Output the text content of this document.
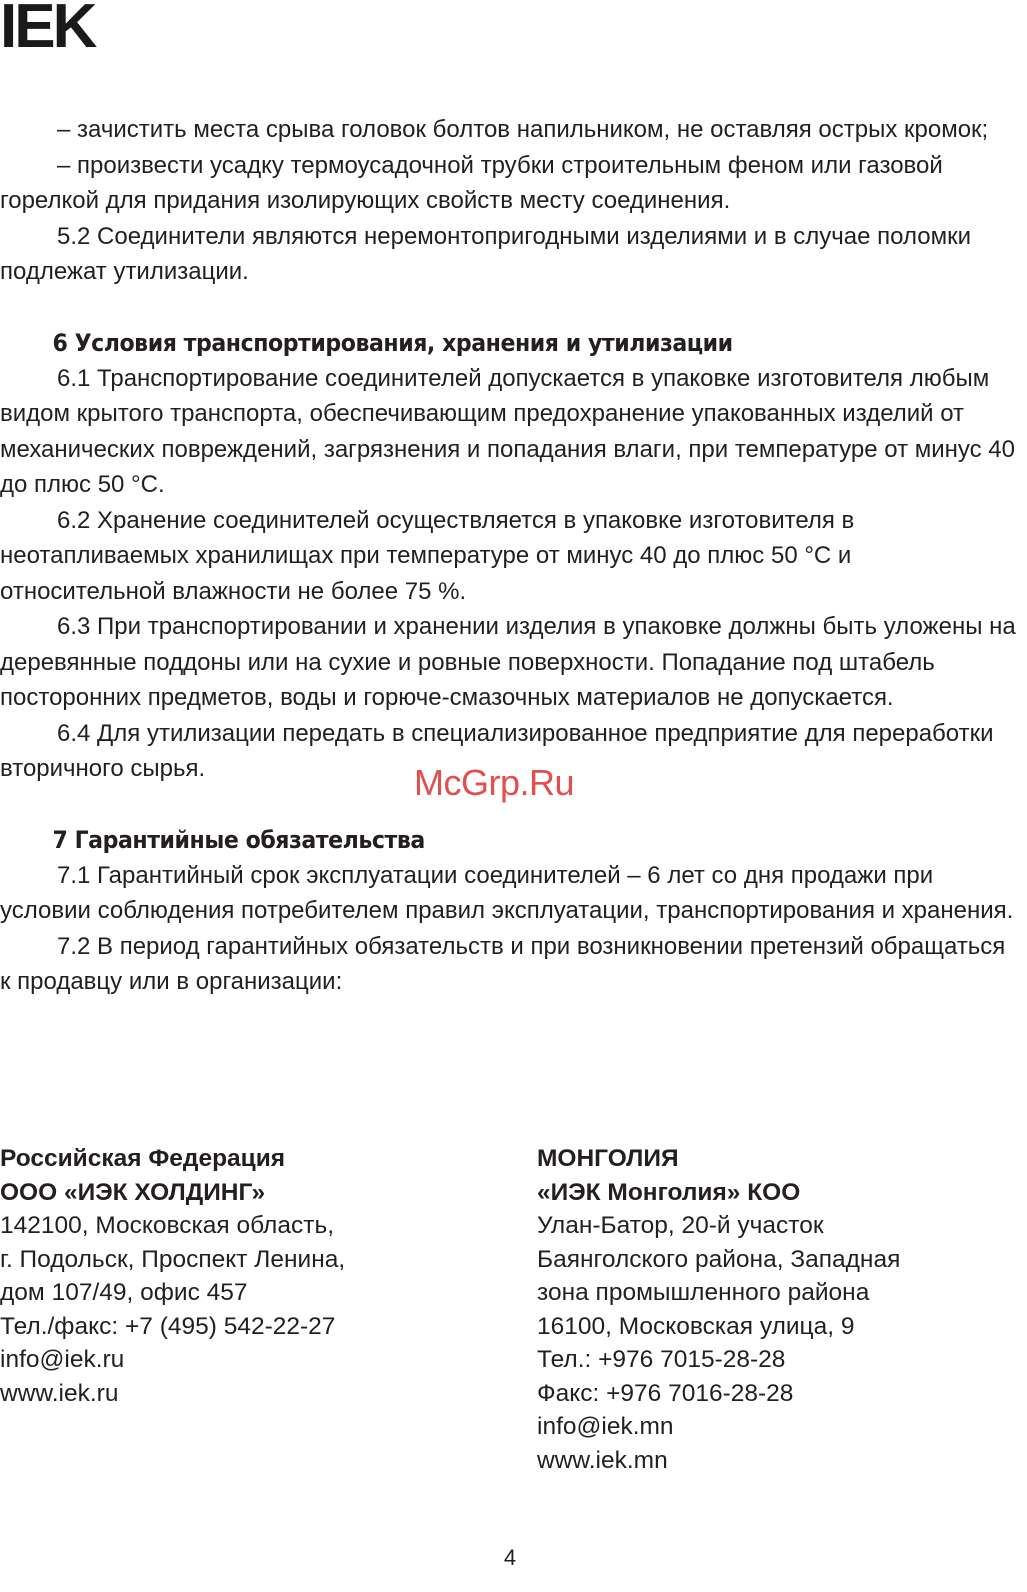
IEK

– зачистить места срыва головок болтов напильником, не оставляя острых кромок;

– произвести усадку термоусадочной трубки строительным феном или газовой горелкой для придания изолирующих свойств месту соединения.

5.2 Соединители являются неремонтопригодными изделиями и в случае поломки подлежат утилизации.

6 Условия транспортирования, хранения и утилизации

6.1 Транспортирование соединителей допускается в упаковке изготовителя любым видом крытого транспорта, обеспечивающим предохранение упакованных изделий от механических повреждений, загрязнения и попадания влаги, при температуре от минус 40 до плюс 50 °С.

6.2 Хранение соединителей осуществляется в упаковке изготовителя в неотапливаемых хранилищах при температуре от минус 40 до плюс 50 °С и относительной влажности не более 75 %.

6.3 При транспортировании и хранении изделия в упаковке должны быть уложены на деревянные поддоны или на сухие и ровные поверхности. Попадание под штабель посторонних предметов, воды и горюче-смазочных материалов не допускается.

6.4 Для утилизации передать в специализированное предприятие для переработки вторичного сырья.

7 Гарантийные обязательства

7.1 Гарантийный срок эксплуатации соединителей – 6 лет со дня продажи при условии соблюдения потребителем правил эксплуатации, транспортирования и хранения.

7.2 В период гарантийных обязательств и при возникновении претензий обращаться к продавцу или в организации:

Российская Федерация
ООО «ИЭК ХОЛДИНГ»
142100, Московская область,
г. Подольск, Проспект Ленина,
дом 107/49, офис 457
Тел./факс: +7 (495) 542-22-27
info@iek.ru
www.iek.ru
МОНГОЛИЯ
«ИЭК Монголия» КОО
Улан-Батор, 20-й участок
Баянголского района, Западная
зона промышленного района
16100, Московская улица, 9
Тел.: +976 7015-28-28
Факс: +976 7016-28-28
info@iek.mn
www.iek.mn
McGrp.Ru
4
